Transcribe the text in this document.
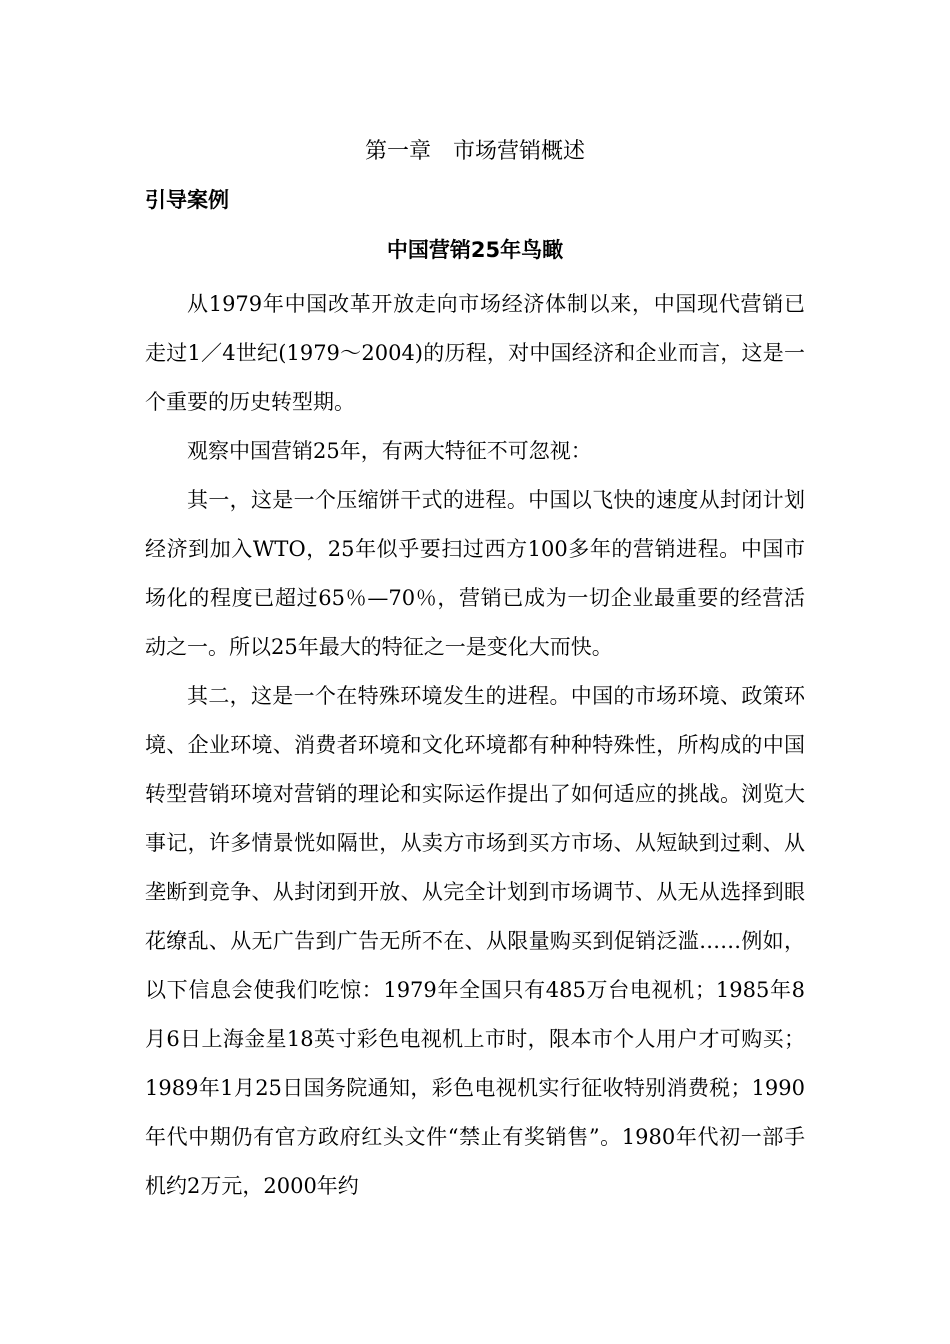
第一章　市场营销概述
引导案例
中国营销25年鸟瞰

从1979年中国改革开放走向市场经济体制以来，中国现代营销已走过1／4世纪(1979～2004)的历程，对中国经济和企业而言，这是一个重要的历史转型期。

观察中国营销25年，有两大特征不可忽视：

其一，这是一个压缩饼干式的进程。中国以飞快的速度从封闭计划经济到加入WTO，25年似乎要扫过西方100多年的营销进程。中国市场化的程度已超过65％—70％，营销已成为一切企业最重要的经营活动之一。所以25年最大的特征之一是变化大而快。

其二，这是一个在特殊环境发生的进程。中国的市场环境、政策环境、企业环境、消费者环境和文化环境都有种种特殊性，所构成的中国转型营销环境对营销的理论和实际运作提出了如何适应的挑战。浏览大事记，许多情景恍如隔世，从卖方市场到买方市场、从短缺到过剩、从垄断到竞争、从封闭到开放、从完全计划到市场调节、从无从选择到眼花缭乱、从无广告到广告无所不在、从限量购买到促销泛滥……例如，以下信息会使我们吃惊：1979年全国只有485万台电视机；1985年8月6日上海金星18英寸彩色电视机上市时，限本市个人用户才可购买；1989年1月25日国务院通知，彩色电视机实行征收特别消费税；1990年代中期仍有官方政府红头文件“禁止有奖销售”。1980年代初一部手机约2万元，2000年约
